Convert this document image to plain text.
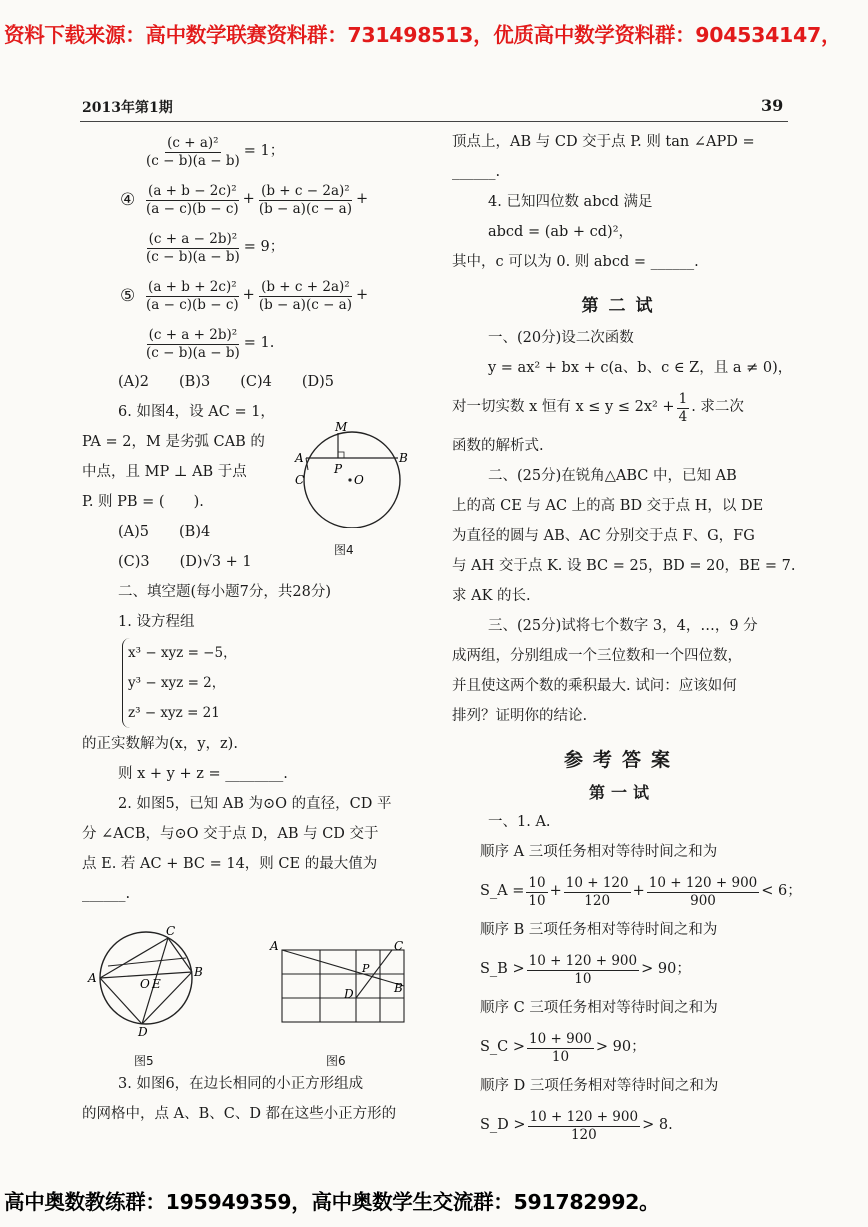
资料下载来源：高中数学联赛资料群：731498513，优质高中数学资料群：904534147，
2013年第1期	39
$\frac{\text{(c + a)²}}{(c - b)(a - b)} = 1$；
④ $\frac{\text{(a + b − 2c)²}}{(a - c)(b - c)} + \frac{\text{(b + c − 2a)²}}{(b - a)(c - a)}$ +
$\frac{\text{(c + a − 2b)²}}{(c - b)(a - b)} = 9$；
⑤ $\frac{\text{(a + b + 2c)²}}{(a - c)(b - c)} + \frac{\text{(b + c + 2a)²}}{(b - a)(c - a)}$ +
$\frac{\text{(c + a + 2b)²}}{(c - b)(a - b)} = 1$.
(A)2 (B)3 (C)4 (D)5
6. 如图4，设 AC = 1，
PA = 2，M 是劣弧 CAB 的
中点，且 MP ⊥ AB 于点
P. 则 PB = (　　).
(A)5 (B)4
(C)3 (D)√3 + 1
二、填空题(每小题7分，共28分)
1. 设方程组
x³ − xyz = −5，
y³ − xyz = 2，
z³ − xyz = 21
的正实数解为(x，y，z).
则 x + y + z = ________.
2. 如图5，已知 AB 为⊙O 的直径，CD 平
分 ∠ACB，与⊙O 交于点 D，AB 与 CD 交于
点 E. 若 AC + BC = 14，则 CE 的最大值为
______.
M
A	B
C
P
O
图4
C
A	O E
B
D
图5
A	C
P
D	B
图6
3. 如图6，在边长相同的小正方形组成
的网格中，点 A、B、C、D 都在这些小正方形的
顶点上，AB 与 CD 交于点 P. 则 tan ∠APD =
______.
4. 已知四位数 abcd 满足
abcd = (ab + cd)²，
其中，c 可以为 0. 则 abcd = ______.
第二试
一、(20分)设二次函数
y = ax² + bx + c(a、b、c ∈ Z，且 a ≠ 0)，
对一切实数 x 恒有 $x \le y \le 2x^2 + \frac{1}{4}$ . 求二次
函数的解析式.
二、(25分)在锐角△ABC 中，已知 AB
上的高 CE 与 AC 上的高 BD 交于点 H，以 DE
为直径的圆与 AB、AC 分别交于点 F、G，FG
与 AH 交于点 K. 设 BC = 25，BD = 20，BE = 7.
求 AK 的长.
三、(25分)试将七个数字 3，4，…，9 分
成两组，分别组成一个三位数和一个四位数，
并且使这两个数的乘积最大. 试问：应该如何
排列？证明你的结论.
参考答案
第一试
一、1. A.
顺序 A 三项任务相对等待时间之和为
S_A = $\frac{10}{10} + \frac{10 + 120}{120} + \frac{10 + 120 + 900}{900} < 6$；
顺序 B 三项任务相对等待时间之和为
S_B > $\frac{10 + 120 + 900}{10} > 90$；
顺序 C 三项任务相对等待时间之和为
S_C > $\frac{10 + 900}{10} > 90$；
顺序 D 三项任务相对等待时间之和为
S_D > $\frac{10 + 120 + 900}{120} > 8$.
高中奥数教练群：195949359，高中奥数学生交流群：591782992。
